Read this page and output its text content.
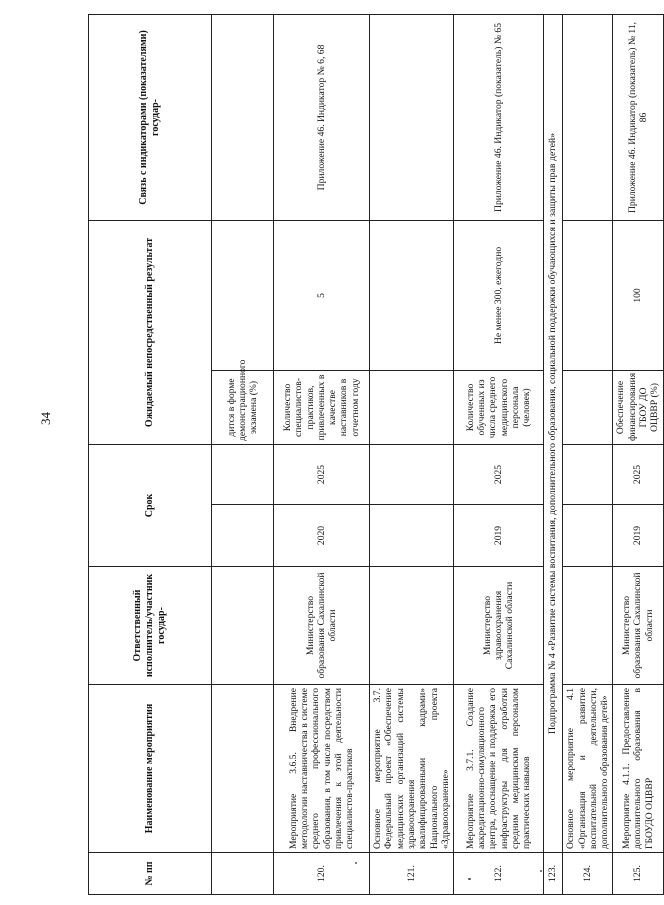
34
№ пп	Наименование мероприятия	Ответственный исполнитель/участник государ-	Срок		Ожидаемый непосредственный результат		Связь с индикаторами (показателями) государ-
					дится в форме демонстрационного экзамена (%)		
120.	Мероприятие 3.6.5. Внедрение методологии наставничества в системе среднего профессионального образования, в том числе посредством привлечения к этой деятельности специалистов-практиков	Министерство образования Сахалинской области	2020	2025	Количество специалистов-практиков, привлеченных в качестве наставников в отчетном году	5	Приложение 46. Индикатор № 6, 68
121.	Основное мероприятие 3.7. Федеральный проект «Обеспечение медицинских организаций системы здравоохранения квалифицированными кадрами» Национального проекта «Здравоохранение»						
122.	Мероприятие 3.7.1. Создание аккредитационно-симуляционного центра, дооснащение и поддержка его инфраструктуры для отработки средним медицинским персоналом практических навыков	Министерство здравоохранения Сахалинской области	2019	2025	Количество обученных из числа среднего медицинского персонала (человек)	Не менее 300, ежегодно	Приложение 46. Индикатор (показатель) № 65
123.	Подпрограмма № 4 «Развитие системы воспитания, дополнительного образования, социальной поддержки обучающихся и защиты прав детей»						
124.	Основное мероприятие 4.1 «Организация и развитие воспитательной деятельности, дополнительного образования детей»						
125.	Мероприятие 4.1.1. Предоставление дополнительного образования в ГБОУДО ОЦВВР	Министерство образования Сахалинской области	2019	2025	Обеспечение финансирования ГБОУ ДО ОЦВВР (%)	100	Приложение 46. Индикатор (показатель) № 11, 86
